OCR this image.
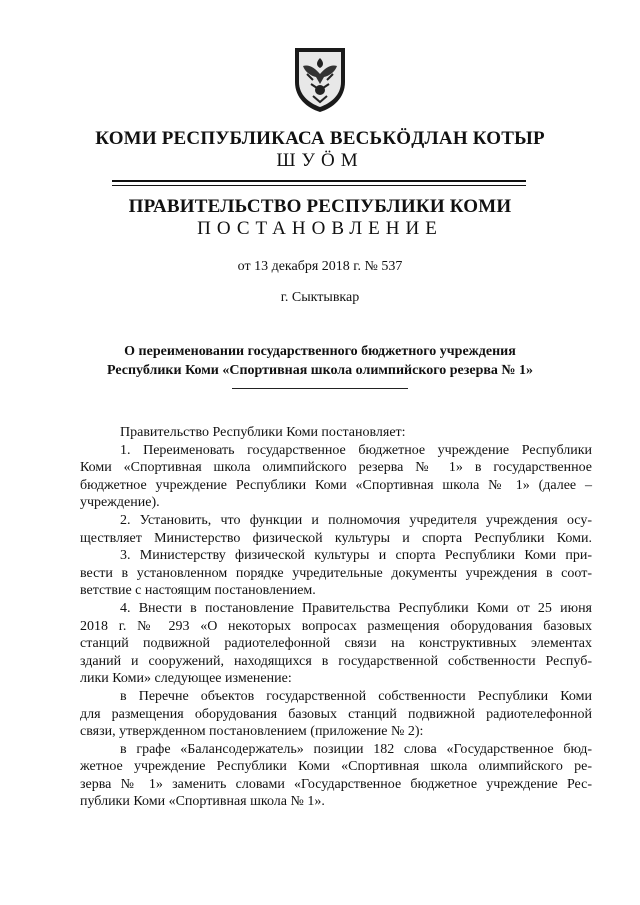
КОМИ РЕСПУБЛИКАСА ВЕСЬКӦДЛАН КОТЫР
ШУӦМ
ПРАВИТЕЛЬСТВО РЕСПУБЛИКИ КОМИ
ПОСТАНОВЛЕНИЕ
от 13 декабря 2018 г. № 537
г. Сыктывкар
О переименовании государственного бюджетного учреждения
Республики Коми «Спортивная школа олимпийского резерва № 1»
Правительство Республики Коми постановляет:
1. Переименовать государственное бюджетное учреждение Республики
Коми «Спортивная школа олимпийского резерва № 1» в государственное
бюджетное учреждение Республики Коми «Спортивная школа № 1» (далее –
учреждение).
2. Установить, что функции и полномочия учредителя учреждения осу-
ществляет Министерство физической культуры и спорта Республики Коми.
3. Министерству физической культуры и спорта Республики Коми при-
вести в установленном порядке учредительные документы учреждения в соот-
ветствие с настоящим постановлением.
4. Внести в постановление Правительства Республики Коми от 25 июня
2018 г. № 293 «О некоторых вопросах размещения оборудования базовых
станций подвижной радиотелефонной связи на конструктивных элементах
зданий и сооружений, находящихся в государственной собственности Респуб-
лики Коми» следующее изменение:
в Перечне объектов государственной собственности Республики Коми
для размещения оборудования базовых станций подвижной радиотелефонной
связи, утвержденном постановлением (приложение № 2):
в графе «Балансодержатель» позиции 182 слова «Государственное бюд-
жетное учреждение Республики Коми «Спортивная школа олимпийского ре-
зерва № 1» заменить словами «Государственное бюджетное учреждение Рес-
публики Коми «Спортивная школа № 1».
